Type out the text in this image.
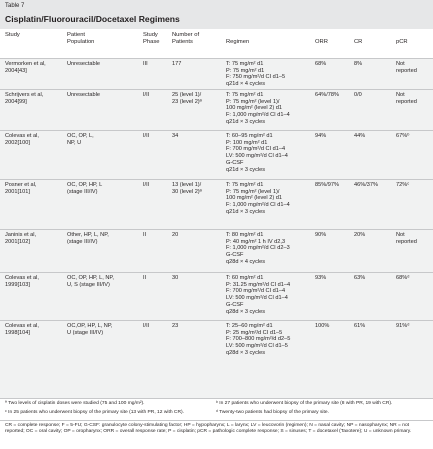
Table 7
Cisplatin/Fluorouracil/Docetaxel Regimens
Study	Patient
Population
Study
Phase
Number of
Patients	Regimen	ORR	CR	pCR
Vermorken et al,
2004[43]
Unresectable	III	177	T: 75 mg/m² d1
P: 75 mg/m² d1
F: 750 mg/m²/d CI d1–5
q21d × 4 cycles
68%	8%	Not
reported
Schrijvers et al,
2004[99]
Unresectable	I/II	25 (level 1)/
23 (level 2)ª
T: 75 mg/m² d1
P: 75 mg/m² (level 1)/
100 mg/m² (level 2) d1
F: 1,000 mg/m²/d CI d1–4
q21d × 3 cycles
64%/78%	0/0	Not
reported
Colevas et al,
2002[100]
OC, OP, L,
NP, U
I/II	34	T: 60–95 mg/m² d1
P: 100 mg/m² d1
F: 700 mg/m²/d CI d1–4
LV: 500 mg/m²/d CI d1–4
G-CSF
q21d × 3 cycles
94%	44%	67%ᵇ
Posner et al,
2001[101]
OC, OP, HP, L
(stage III/IV)
I/II	13 (level 1)/
30 (level 2)ª
T: 75 mg/m² d1
P: 75 mg/m² (level 1)/
100 mg/m² (level 2) d1
F: 1,000 mg/m²/d CI d1–4
q21d × 3 cycles
85%/97%	46%/37%	72%ᶜ
Janinis et al,
2001[102]
Other, HP, L, NP,
(stage III/IV)
II	20	T: 80 mg/m² d1
P: 40 mg/m² 1 h IV d2,3
F: 1,000 mg/m²/d CI d2–3
G-CSF
q28d × 4 cycles
90%	20%	Not
reported
Colevas et al,
1999[103]
OC, OP, HP, L, NP,
U, S (stage III/IV)
II	30	T: 60 mg/m² d1
P: 31.25 mg/m²/d CI d1–4
F: 700 mg/m²/d CI d1–4
LV: 500 mg/m²/d CI d1–4
G-CSF
q28d × 3 cycles
93%	63%	68%ᵈ
Colevas et al,
1998[104]
OC,OP, HP, L, NP,
U (stage III/IV)
I/II	23	T: 25–60 mg/m² d1
P: 25 mg/m²/d CI d1–5
F: 700–800 mg/m²/d d2–5
LV: 500 mg/m²/d CI d1–5
q28d × 3 cycles
100%	61%	91%ᵈ
ª Two levels of cisplatin doses were studied (75 and 100 mg/m²).	ᵇ In 27 patients who underwent biopsy of the primary site (8 with PR, 19 with CR).
ᶜ In 25 patients who underwent biopsy of the primary site (13 with PR, 12 with CR).	ᵈ Twenty-two patients had biopsy of the primary site.
CR = complete response; F = 5-FU; G-CSF: granulocyte colony-stimulating factor; HP = hypopharynx; L = larynx; LV = leucovorin (regimen); N = nasal cavity; NP = nasopharynx; NR = not reported; OC = oral cavity; OP = oropharynx; ORR = overall response rate; P = cisplatin; pCR = pathologic complete response; S = sinuses; T = docetaxel (Taxotere); U = unknown primary.
